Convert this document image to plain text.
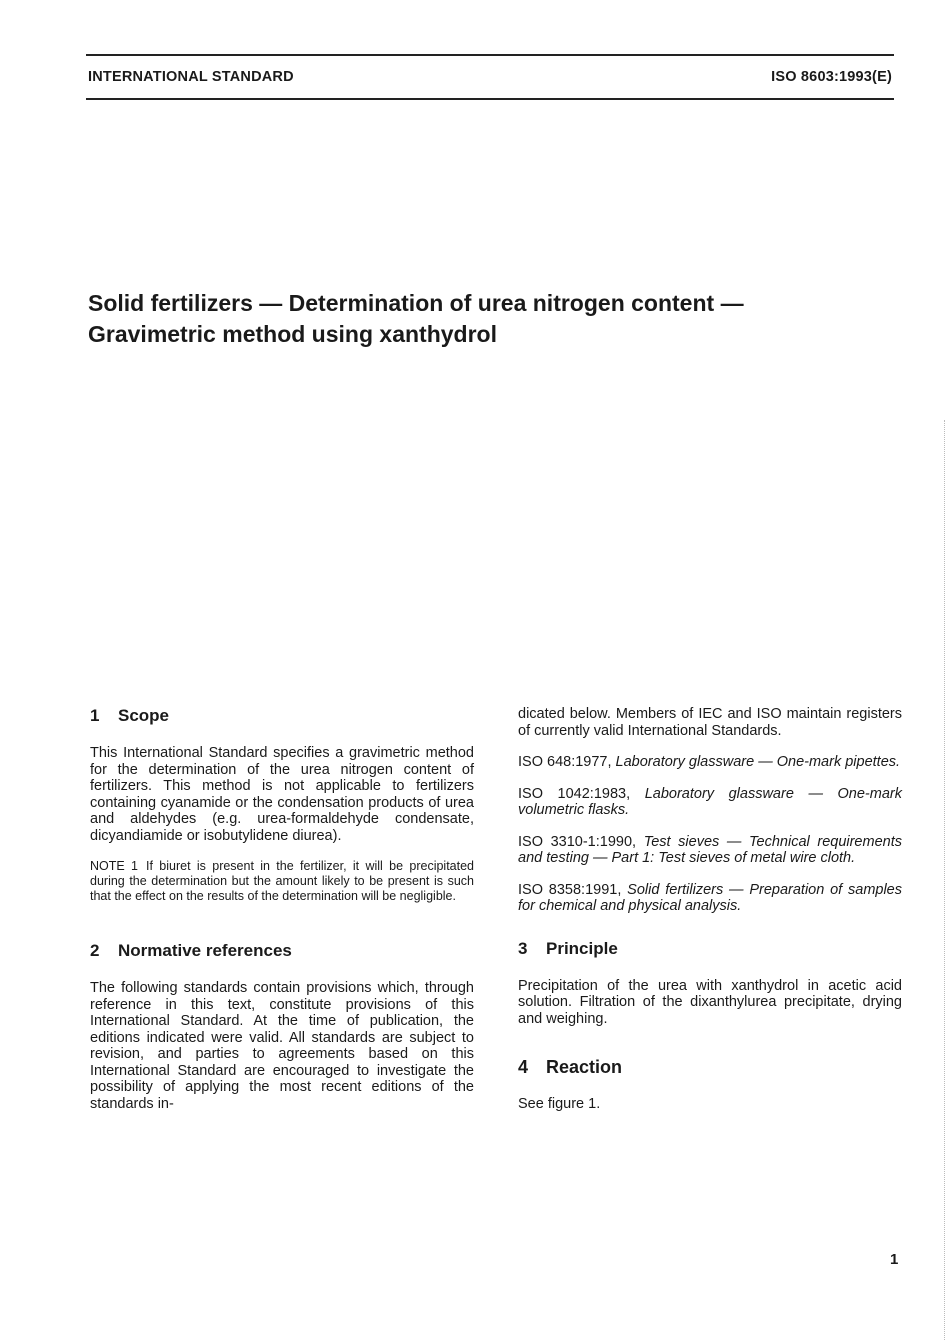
INTERNATIONAL STANDARD	ISO 8603:1993(E)
Solid fertilizers — Determination of urea nitrogen content —
Gravimetric method using xanthydrol
1 Scope

This International Standard specifies a gravimetric method for the determination of the urea nitrogen content of fertilizers. This method is not applicable to fertilizers containing cyanamide or the condensation products of urea and aldehydes (e.g. urea-formaldehyde condensate, dicyandiamide or isobutylidene diurea).

NOTE 1 If biuret is present in the fertilizer, it will be precipitated during the determination but the amount likely to be present is such that the effect on the results of the determination will be negligible.

2 Normative references

The following standards contain provisions which, through reference in this text, constitute provisions of this International Standard. At the time of publication, the editions indicated were valid. All standards are subject to revision, and parties to agreements based on this International Standard are encouraged to investigate the possibility of applying the most recent editions of the standards in-

dicated below. Members of IEC and ISO maintain registers of currently valid International Standards.

ISO 648:1977, Laboratory glassware — One-mark pipettes.

ISO 1042:1983, Laboratory glassware — One-mark volumetric flasks.

ISO 3310-1:1990, Test sieves — Technical requirements and testing — Part 1: Test sieves of metal wire cloth.

ISO 8358:1991, Solid fertilizers — Preparation of samples for chemical and physical analysis.

3 Principle

Precipitation of the urea with xanthydrol in acetic acid solution. Filtration of the dixanthylurea precipitate, drying and weighing.

4 Reaction

See figure 1.

1
